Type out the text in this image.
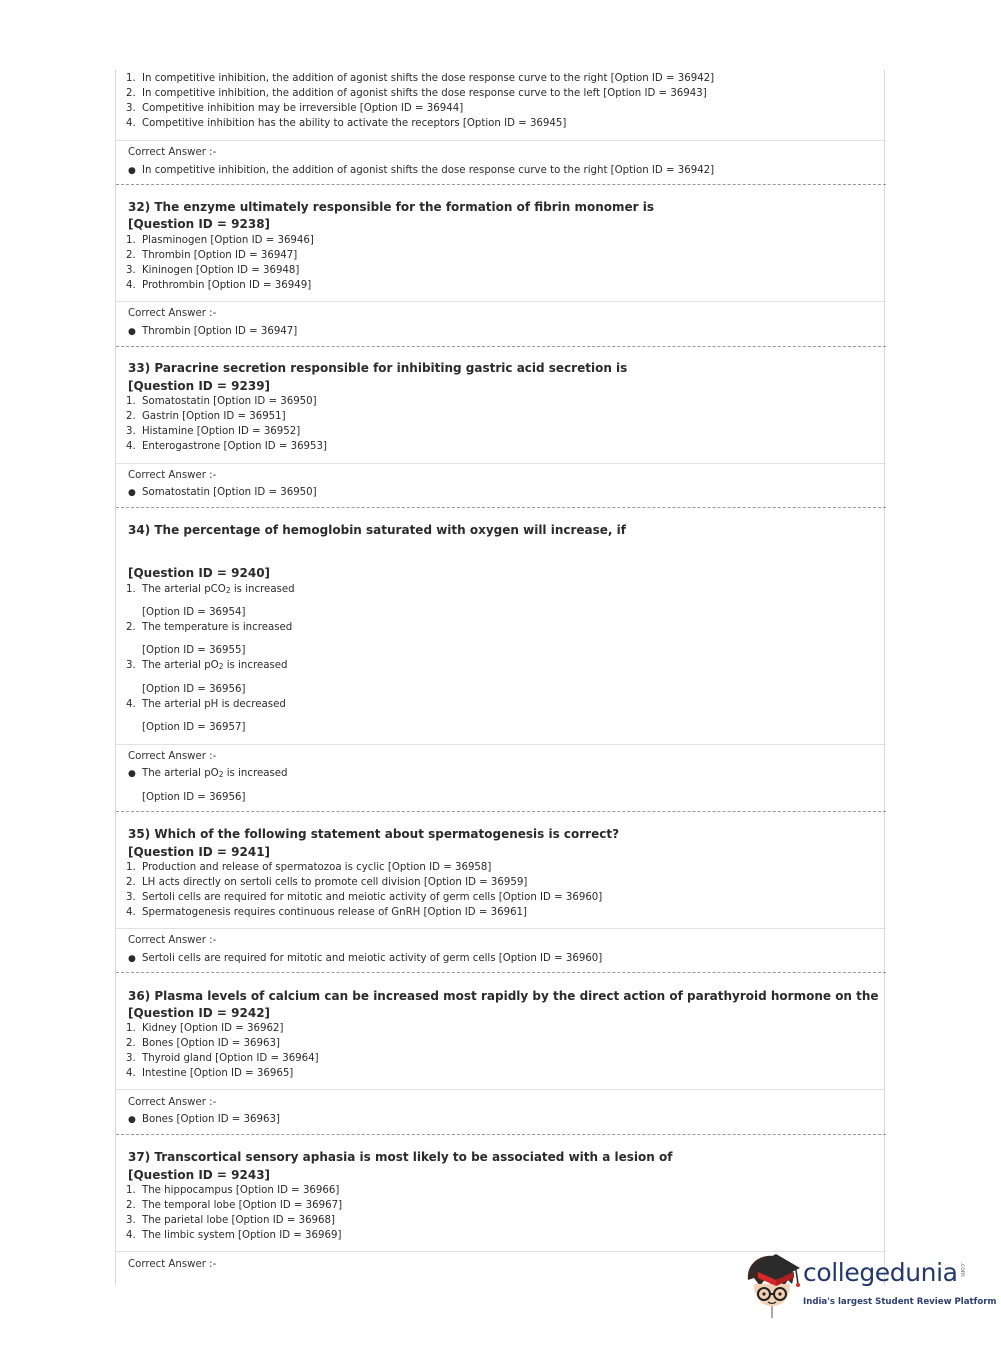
1. In competitive inhibition, the addition of agonist shifts the dose response curve to the right [Option ID = 36942]
2. In competitive inhibition, the addition of agonist shifts the dose response curve to the left [Option ID = 36943]
3. Competitive inhibition may be irreversible [Option ID = 36944]
4. Competitive inhibition has the ability to activate the receptors [Option ID = 36945]
Correct Answer :-
● In competitive inhibition, the addition of agonist shifts the dose response curve to the right [Option ID = 36942]
32) The enzyme ultimately responsible for the formation of fibrin monomer is
[Question ID = 9238]
1. Plasminogen [Option ID = 36946]
2. Thrombin [Option ID = 36947]
3. Kininogen [Option ID = 36948]
4. Prothrombin [Option ID = 36949]
Correct Answer :-
● Thrombin [Option ID = 36947]
33) Paracrine secretion responsible for inhibiting gastric acid secretion is
[Question ID = 9239]
1. Somatostatin [Option ID = 36950]
2. Gastrin [Option ID = 36951]
3. Histamine [Option ID = 36952]
4. Enterogastrone [Option ID = 36953]
Correct Answer :-
● Somatostatin [Option ID = 36950]
34) The percentage of hemoglobin saturated with oxygen will increase, if
[Question ID = 9240]
1. The arterial pCO$_2$ is increased
[Option ID = 36954]
2. The temperature is increased
[Option ID = 36955]
3. The arterial $pO_2$ is increased
[Option ID = 36956]
4. The arterial pH is decreased
[Option ID = 36957]
Correct Answer :-
● The arterial $pO_2$ is increased
[Option ID = 36956]
35) Which of the following statement about spermatogenesis is correct?
[Question ID = 9241]
1. Production and release of spermatozoa is cyclic [Option ID = 36958]
2. LH acts directly on sertoli cells to promote cell division [Option ID = 36959]
3. Sertoli cells are required for mitotic and meiotic activity of germ cells [Option ID = 36960]
4. Spermatogenesis requires continuous release of GnRH [Option ID = 36961]
Correct Answer :-
● Sertoli cells are required for mitotic and meiotic activity of germ cells [Option ID = 36960]
36) Plasma levels of calcium can be increased most rapidly by the direct action of parathyroid hormone on the
[Question ID = 9242]
1. Kidney [Option ID = 36962]
2. Bones [Option ID = 36963]
3. Thyroid gland [Option ID = 36964]
4. Intestine [Option ID = 36965]
Correct Answer :-
● Bones [Option ID = 36963]
37) Transcortical sensory aphasia is most likely to be associated with a lesion of
[Question ID = 9243]
1. The hippocampus [Option ID = 36966]
2. The temporal lobe [Option ID = 36967]
3. The parietal lobe [Option ID = 36968]
4. The limbic system [Option ID = 36969]
Correct Answer :-	collegedunia .com
India's largest Student Review Platform
